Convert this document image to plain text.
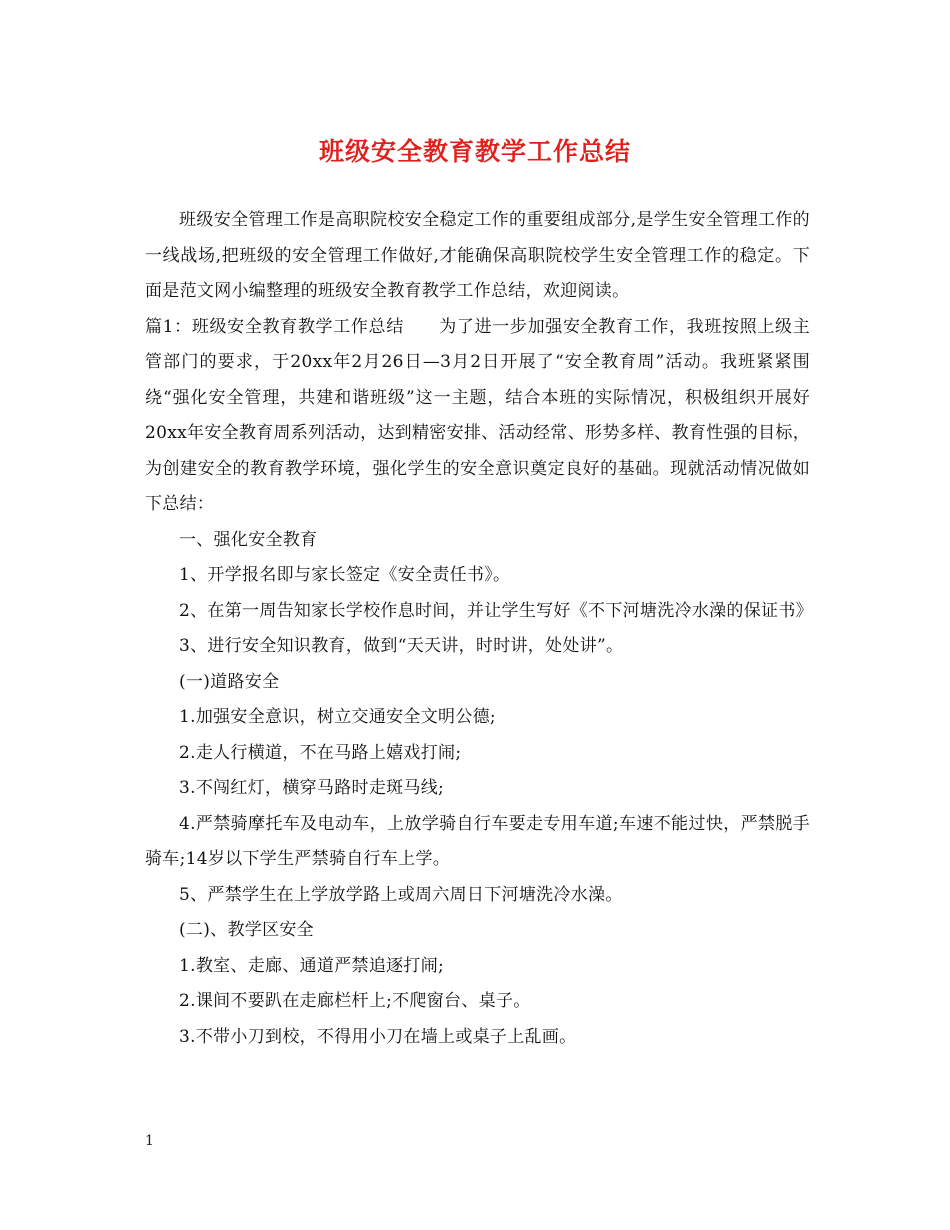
班级安全教育教学工作总结

班级安全管理工作是高职院校安全稳定工作的重要组成部分,是学生安全管理工作的一线战场,把班级的安全管理工作做好,才能确保高职院校学生安全管理工作的稳定。下面是范文网小编整理的班级安全教育教学工作总结，欢迎阅读。

篇1：班级安全教育教学工作总结　　为了进一步加强安全教育工作，我班按照上级主管部门的要求，于20xx年2月26日—3月2日开展了“安全教育周”活动。我班紧紧围绕“强化安全管理，共建和谐班级”这一主题，结合本班的实际情况，积极组织开展好20xx年安全教育周系列活动，达到精密安排、活动经常、形势多样、教育性强的目标，为创建安全的教育教学环境，强化学生的安全意识奠定良好的基础。现就活动情况做如下总结：

一、强化安全教育

1、开学报名即与家长签定《安全责任书》。

2、在第一周告知家长学校作息时间，并让学生写好《不下河塘洗冷水澡的保证书》

3、进行安全知识教育，做到“天天讲，时时讲，处处讲”。

(一)道路安全

1.加强安全意识，树立交通安全文明公德;

2.走人行横道，不在马路上嬉戏打闹;

3.不闯红灯，横穿马路时走斑马线;

4.严禁骑摩托车及电动车，上放学骑自行车要走专用车道;车速不能过快，严禁脱手骑车;14岁以下学生严禁骑自行车上学。

5、严禁学生在上学放学路上或周六周日下河塘洗冷水澡。

(二)、教学区安全

1.教室、走廊、通道严禁追逐打闹;

2.课间不要趴在走廊栏杆上;不爬窗台、桌子。

3.不带小刀到校，不得用小刀在墙上或桌子上乱画。

1
